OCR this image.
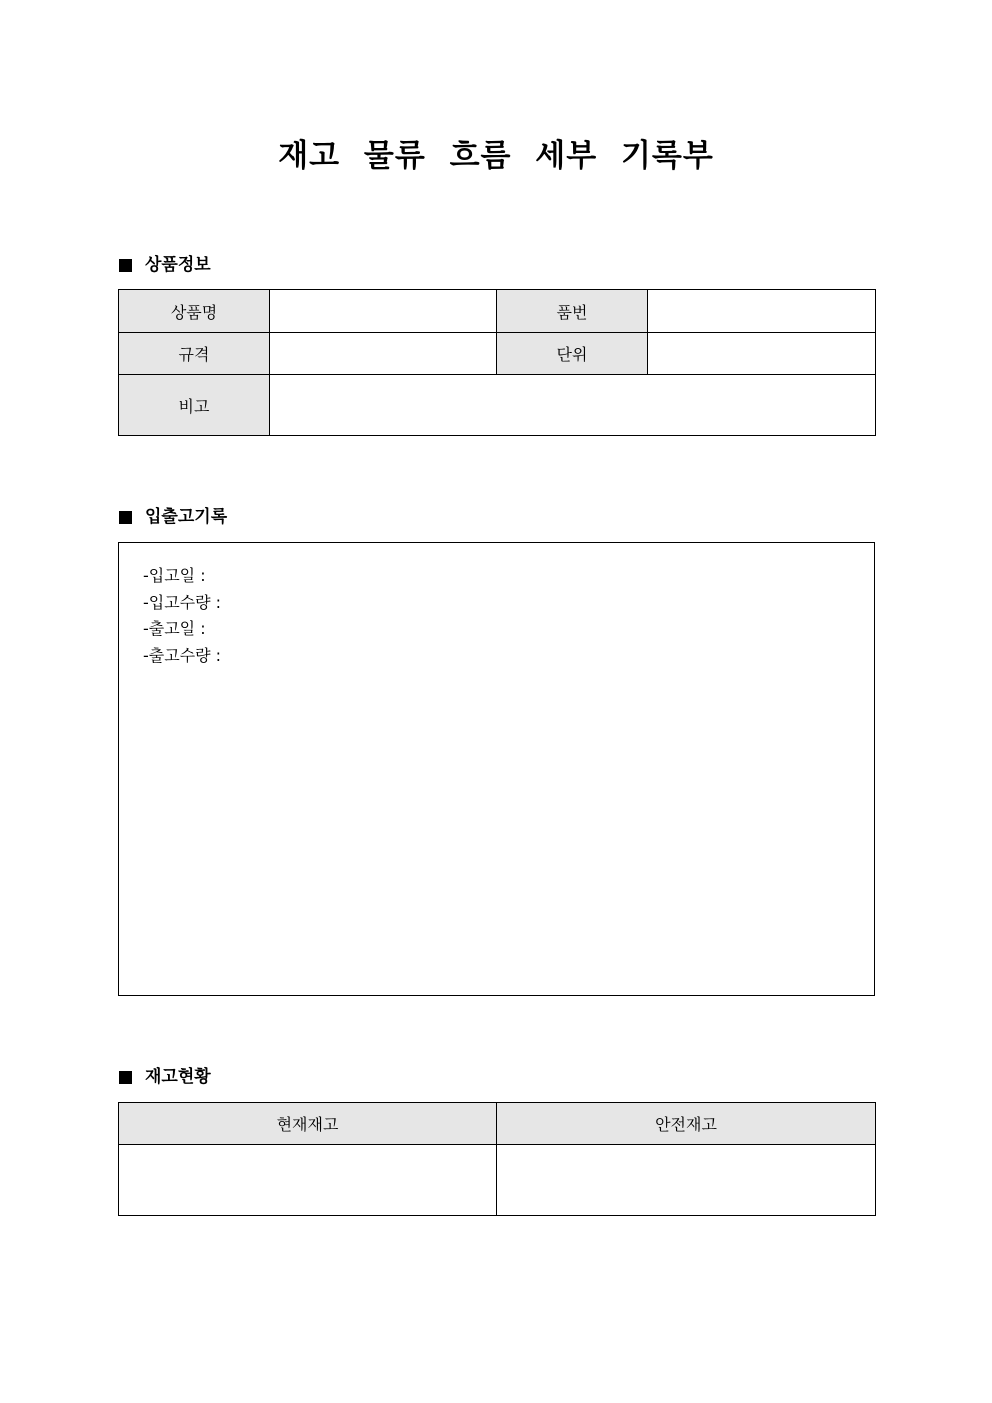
재고 물류 흐름 세부 기록부
상품정보
상품명		품번	
규격		단위	
비고			
입출고기록
-입고일 :
-입고수량 :
-출고일 :
-출고수량 :
재고현황
현재재고	안전재고
